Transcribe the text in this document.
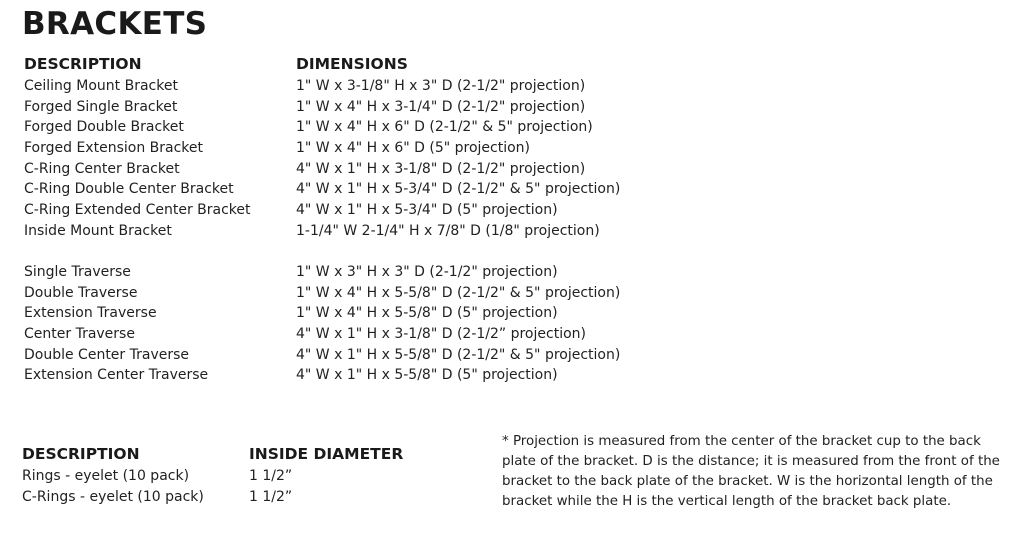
BRACKETS
DESCRIPTION	DIMENSIONS
Ceiling Mount Bracket
Forged Single Bracket
Forged Double Bracket
Forged Extension Bracket
C-Ring Center Bracket
C-Ring Double Center Bracket
C-Ring Extended Center Bracket
Inside Mount Bracket
1" W x 3-1/8" H x 3" D (2-1/2" projection)
1" W x 4" H x 3-1/4" D (2-1/2" projection)
1" W x 4" H x 6" D (2-1/2" & 5" projection)
1" W x 4" H x 6" D (5" projection)
4" W x 1" H x 3-1/8" D (2-1/2" projection)
4" W x 1" H x 5-3/4" D (2-1/2" & 5" projection)
4" W x 1" H x 5-3/4" D (5" projection)
1-1/4" W 2-1/4" H x 7/8" D (1/8" projection)
Single Traverse
Double Traverse
Extension Traverse
Center Traverse
Double Center Traverse
Extension Center Traverse
1" W x 3" H x 3" D (2-1/2" projection)
1" W x 4" H x 5-5/8" D (2-1/2" & 5" projection)
1" W x 4" H x 5-5/8" D (5" projection)
4" W x 1" H x 3-1/8" D (2-1/2” projection)
4" W x 1" H x 5-5/8" D (2-1/2" & 5" projection)
4" W x 1" H x 5-5/8" D (5" projection)
DESCRIPTION	INSIDE DIAMETER
Rings - eyelet (10 pack)
C-Rings - eyelet (10 pack)
1 1/2”
1 1/2”
* Projection is measured from the center of the bracket cup to the back plate of the bracket. D is the distance; it is measured from the front of the bracket to the back plate of the bracket. W is the horizontal length of the bracket while the H is the vertical length of the bracket back plate.
